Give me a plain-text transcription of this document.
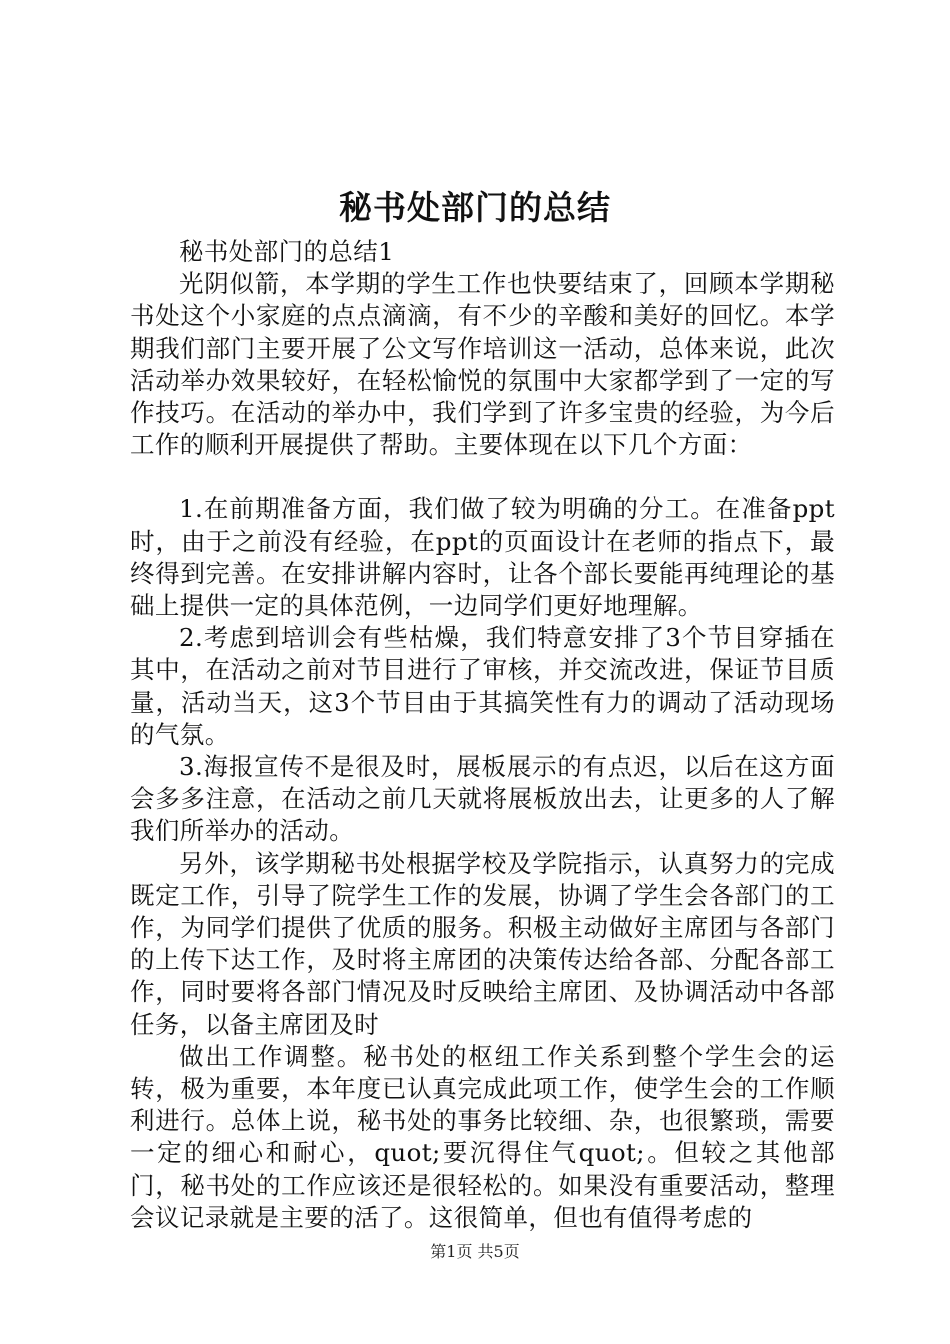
秘书处部门的总结

秘书处部门的总结1

光阴似箭，本学期的学生工作也快要结束了，回顾本学期秘书处这个小家庭的点点滴滴，有不少的辛酸和美好的回忆。本学期我们部门主要开展了公文写作培训这一活动，总体来说，此次活动举办效果较好，在轻松愉悦的氛围中大家都学到了一定的写作技巧。在活动的举办中，我们学到了许多宝贵的经验，为今后工作的顺利开展提供了帮助。主要体现在以下几个方面：

1.在前期准备方面，我们做了较为明确的分工。在准备ppt时，由于之前没有经验，在ppt的页面设计在老师的指点下，最终得到完善。在安排讲解内容时，让各个部长要能再纯理论的基础上提供一定的具体范例，一边同学们更好地理解。

2.考虑到培训会有些枯燥，我们特意安排了3个节目穿插在其中，在活动之前对节目进行了审核，并交流改进，保证节目质量，活动当天，这3个节目由于其搞笑性有力的调动了活动现场的气氛。

3.海报宣传不是很及时，展板展示的有点迟，以后在这方面会多多注意，在活动之前几天就将展板放出去，让更多的人了解我们所举办的活动。

另外，该学期秘书处根据学校及学院指示，认真努力的完成既定工作，引导了院学生工作的发展，协调了学生会各部门的工作，为同学们提供了优质的服务。积极主动做好主席团与各部门的上传下达工作，及时将主席团的决策传达给各部、分配各部工作，同时要将各部门情况及时反映给主席团、及协调活动中各部任务，以备主席团及时

做出工作调整。秘书处的枢纽工作关系到整个学生会的运转，极为重要，本年度已认真完成此项工作，使学生会的工作顺利进行。总体上说，秘书处的事务比较细、杂，也很繁琐，需要一定的细心和耐心，quot;要沉得住气quot;。但较之其他部门，秘书处的工作应该还是很轻松的。如果没有重要活动，整理会议记录就是主要的活了。这很简单，但也有值得考虑的

第1页 共5页
